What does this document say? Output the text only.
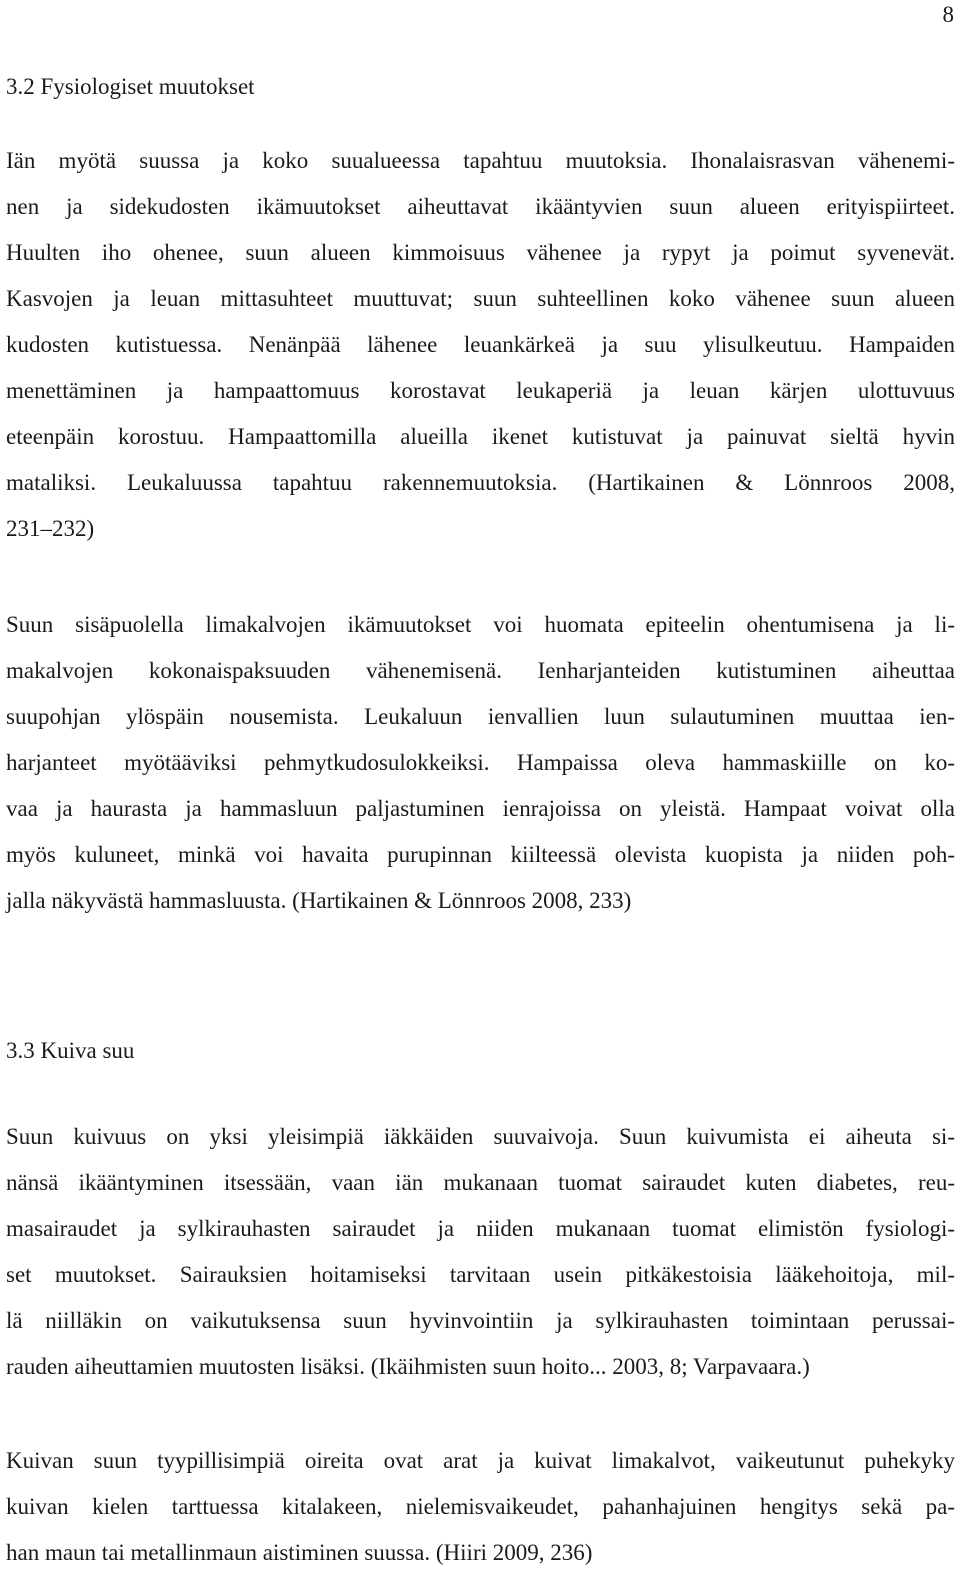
8
3.2 Fysiologiset muutokset
Iän myötä suussa ja koko suualueessa tapahtuu muutoksia. Ihonalaisrasvan vähenemi-
nen ja sidekudosten ikämuutokset aiheuttavat ikääntyvien suun alueen erityispiirteet.
Huulten iho ohenee, suun alueen kimmoisuus vähenee ja rypyt ja poimut syvenevät.
Kasvojen ja leuan mittasuhteet muuttuvat; suun suhteellinen koko vähenee suun alueen
kudosten kutistuessa. Nenänpää lähenee leuankärkeä ja suu ylisulkeutuu. Hampaiden
menettäminen ja hampaattomuus korostavat leukaperiä ja leuan kärjen ulottuvuus
eteenpäin korostuu. Hampaattomilla alueilla ikenet kutistuvat ja painuvat sieltä hyvin
mataliksi. Leukaluussa tapahtuu rakennemuutoksia. (Hartikainen & Lönnroos 2008,
231–232)
Suun sisäpuolella limakalvojen ikämuutokset voi huomata epiteelin ohentumisena ja li-
makalvojen kokonaispaksuuden vähenemisenä. Ienharjanteiden kutistuminen aiheuttaa
suupohjan ylöspäin nousemista. Leukaluun ienvallien luun sulautuminen muuttaa ien-
harjanteet myötääviksi pehmytkudosulokkeiksi. Hampaissa oleva hammaskiille on ko-
vaa ja haurasta ja hammasluun paljastuminen ienrajoissa on yleistä. Hampaat voivat olla
myös kuluneet, minkä voi havaita purupinnan kiilteessä olevista kuopista ja niiden poh-
jalla näkyvästä hammasluusta. (Hartikainen & Lönnroos 2008, 233)
3.3 Kuiva suu
Suun kuivuus on yksi yleisimpiä iäkkäiden suuvaivoja. Suun kuivumista ei aiheuta si-
nänsä ikääntyminen itsessään, vaan iän mukanaan tuomat sairaudet kuten diabetes, reu-
masairaudet ja sylkirauhasten sairaudet ja niiden mukanaan tuomat elimistön fysiologi-
set muutokset. Sairauksien hoitamiseksi tarvitaan usein pitkäkestoisia lääkehoitoja, mil-
lä niilläkin on vaikutuksensa suun hyvinvointiin ja sylkirauhasten toimintaan perussai-
rauden aiheuttamien muutosten lisäksi. (Ikäihmisten suun hoito... 2003, 8; Varpavaara.)
Kuivan suun tyypillisimpiä oireita ovat arat ja kuivat limakalvot, vaikeutunut puhekyky
kuivan kielen tarttuessa kitalakeen, nielemisvaikeudet, pahanhajuinen hengitys sekä pa-
han maun tai metallinmaun aistiminen suussa. (Hiiri 2009, 236)
